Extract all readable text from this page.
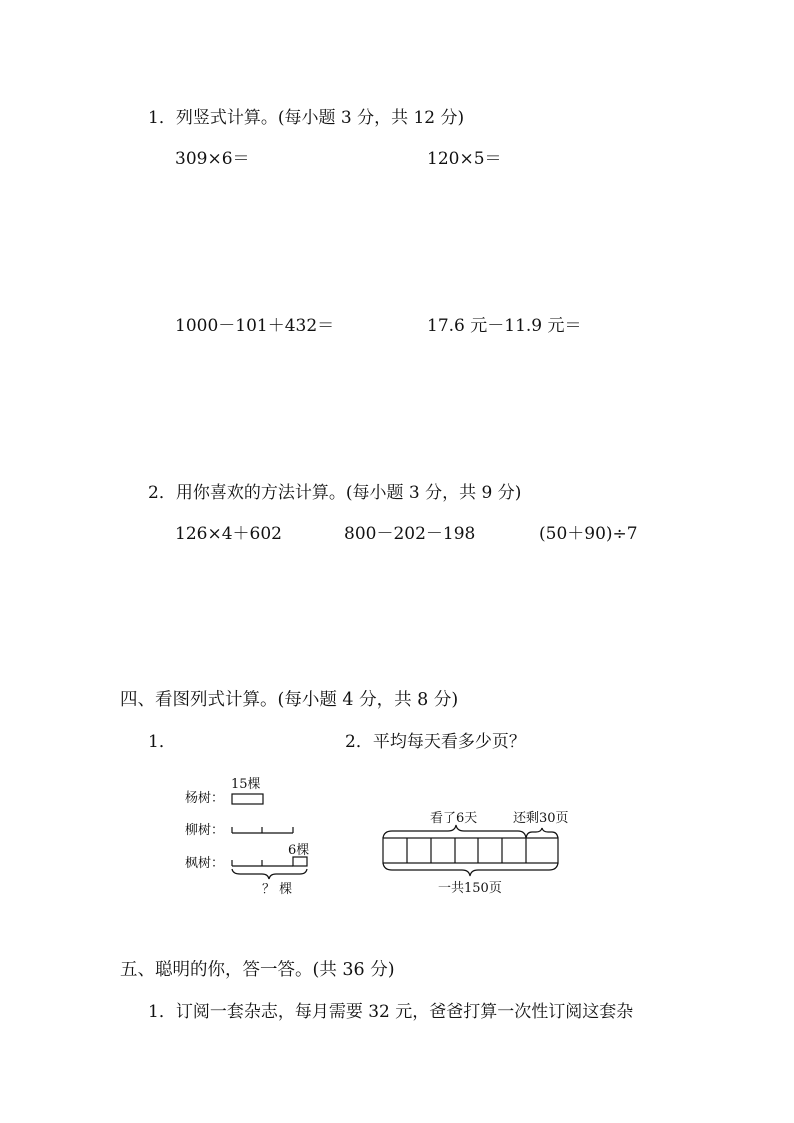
1．列竖式计算。(每小题 3 分，共 12 分)
309×6＝	120×5＝
1000－101＋432＝	17.6 元－11.9 元＝
2．用你喜欢的方法计算。(每小题 3 分，共 9 分)
126×4＋602	800－202－198	(50＋90)÷7
四、看图列式计算。(每小题 4 分，共 8 分)
1．	2．平均每天看多少页？
杨树：
柳树：
枫树：
15棵
6棵
？ 棵
看了6天	还剩30页
一共150页
五、聪明的你，答一答。(共 36 分)
1．订阅一套杂志，每月需要 32 元，爸爸打算一次性订阅这套杂
